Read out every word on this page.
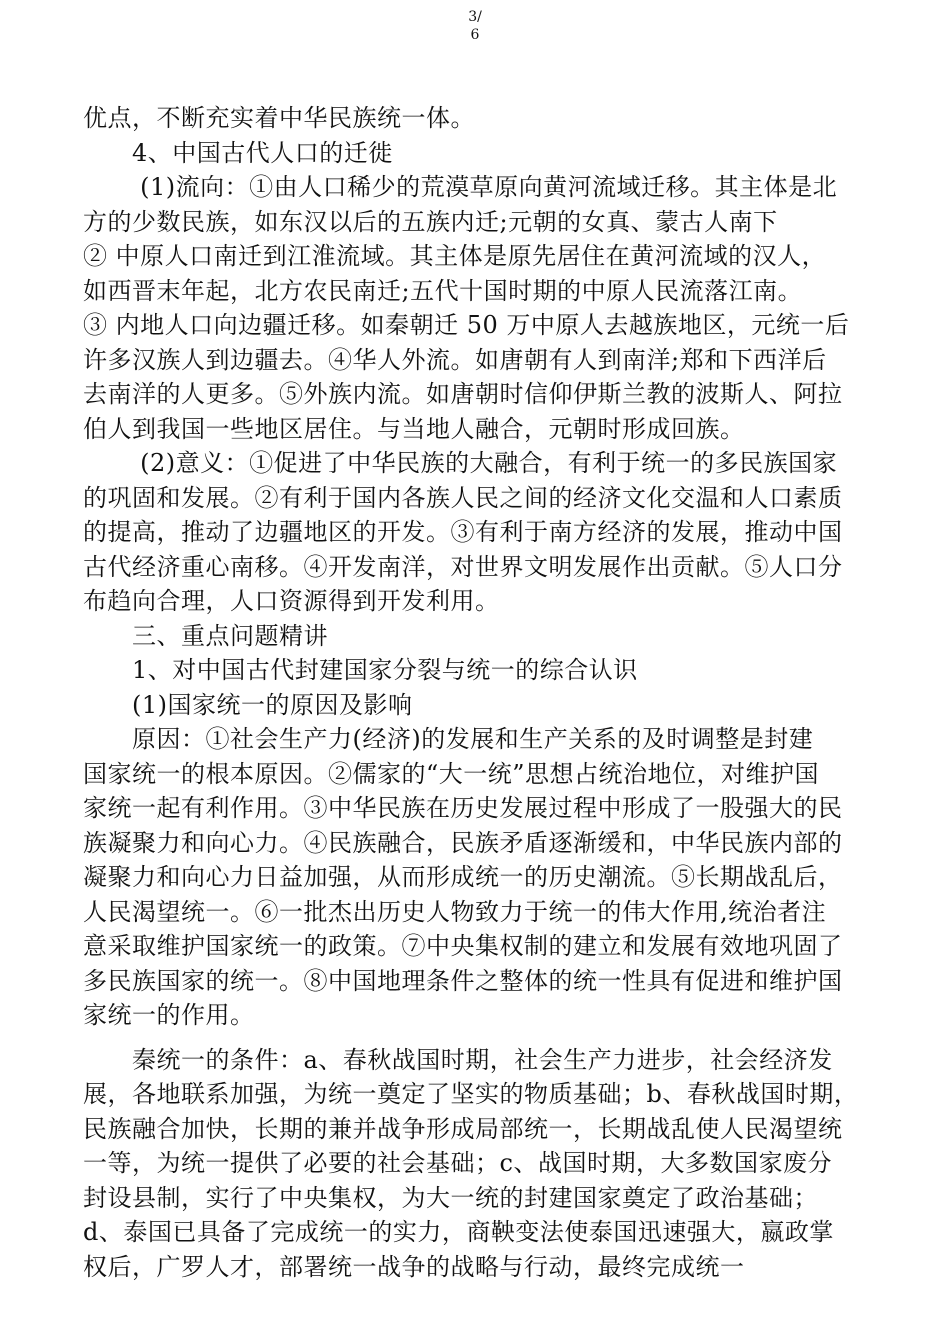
3/
6
优点，不断充实着中华民族统一体。
　　4、中国古代人口的迁徙
　　 (1)流向：①由人口稀少的荒漠草原向黄河流域迁移。其主体是北
方的少数民族，如东汉以后的五族内迁;元朝的女真、蒙古人南下
② 中原人口南迁到江淮流域。其主体是原先居住在黄河流域的汉人，
如西晋末年起，北方农民南迁;五代十国时期的中原人民流落江南。
③ 内地人口向边疆迁移。如秦朝迁 50 万中原人去越族地区，元统一后
许多汉族人到边疆去。④华人外流。如唐朝有人到南洋;郑和下西洋后
去南洋的人更多。⑤外族内流。如唐朝时信仰伊斯兰教的波斯人、阿拉
伯人到我国一些地区居住。与当地人融合，元朝时形成回族。
　　 (2)意义：①促进了中华民族的大融合，有利于统一的多民族国家
的巩固和发展。②有利于国内各族人民之间的经济文化交温和人口素质
的提高，推动了边疆地区的开发。③有利于南方经济的发展，推动中国
古代经济重心南移。④开发南洋，对世界文明发展作出贡献。⑤人口分
布趋向合理，人口资源得到开发利用。
　　三、重点问题精讲
　　1、对中国古代封建国家分裂与统一的综合认识
　　(1)国家统一的原因及影响
　　原因：①社会生产力(经济)的发展和生产关系的及时调整是封建
国家统一的根本原因。②儒家的“大一统”思想占统治地位，对维护国
家统一起有利作用。③中华民族在历史发展过程中形成了一股强大的民
族凝聚力和向心力。④民族融合，民族矛盾逐渐缓和，中华民族内部的
凝聚力和向心力日益加强，从而形成统一的历史潮流。⑤长期战乱后，
人民渴望统一。⑥一批杰出历史人物致力于统一的伟大作用,统治者注
意采取维护国家统一的政策。⑦中央集权制的建立和发展有效地巩固了
多民族国家的统一。⑧中国地理条件之整体的统一性具有促进和维护国
家统一的作用。
　　秦统一的条件：a、春秋战国时期，社会生产力进步，社会经济发
展，各地联系加强，为统一奠定了坚实的物质基础；b、春秋战国时期，
民族融合加快，长期的兼并战争形成局部统一，长期战乱使人民渴望统
一等，为统一提供了必要的社会基础；c、战国时期，大多数国家废分
封设县制，实行了中央集权，为大一统的封建国家奠定了政治基础；
d、泰国已具备了完成统一的实力，商鞅变法使泰国迅速强大，嬴政掌
权后，广罗人才，部署统一战争的战略与行动，最终完成统一
